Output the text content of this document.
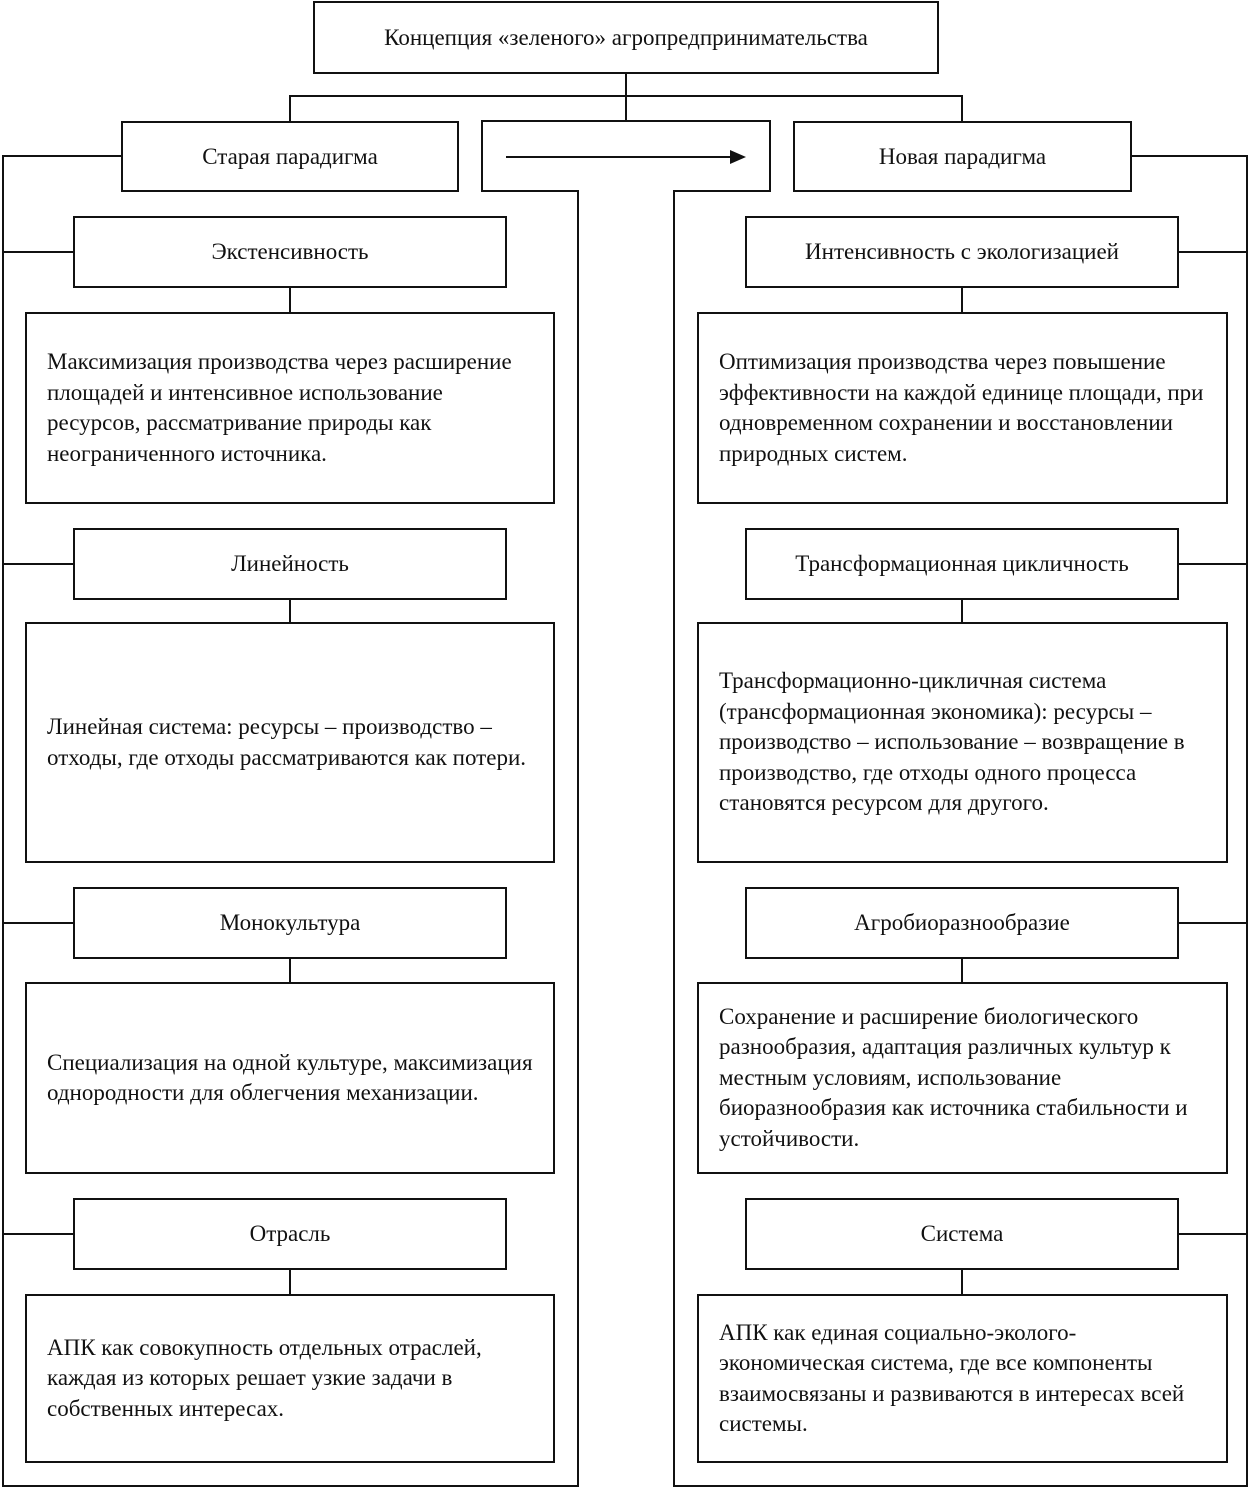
Концепция «зеленого» агропредпринимательства
Старая парадигма	Новая парадигма
Экстенсивность
Максимизация производства через расширение площадей и интенсивное использование ресурсов, рассматривание природы как неограниченного источника.
Линейность
Линейная система: ресурсы – производство – отходы, где отходы рассматриваются как потери.
Монокультура
Специализация на одной культуре, максимизация однородности для облегчения механизации.
Отрасль
АПК как совокупность отдельных отраслей, каждая из которых решает узкие задачи в собственных интересах.
Интенсивность с экологизацией
Оптимизация производства через повышение эффективности на каждой единице площади, при одновременном сохранении и восстановлении природных систем.
Трансформационная цикличность
Трансформационно-цикличная система (трансформационная экономика): ресурсы – производство – использование – возвращение в производство, где отходы одного процесса становятся ресурсом для другого.
Агробиоразнообразие
Сохранение и расширение биологического разнообразия, адаптация различных культур к местным условиям, использование биоразнообразия как источника стабильности и устойчивости.
Система
АПК как единая социально-эколого-экономическая система, где все компоненты взаимосвязаны и развиваются в интересах всей системы.
